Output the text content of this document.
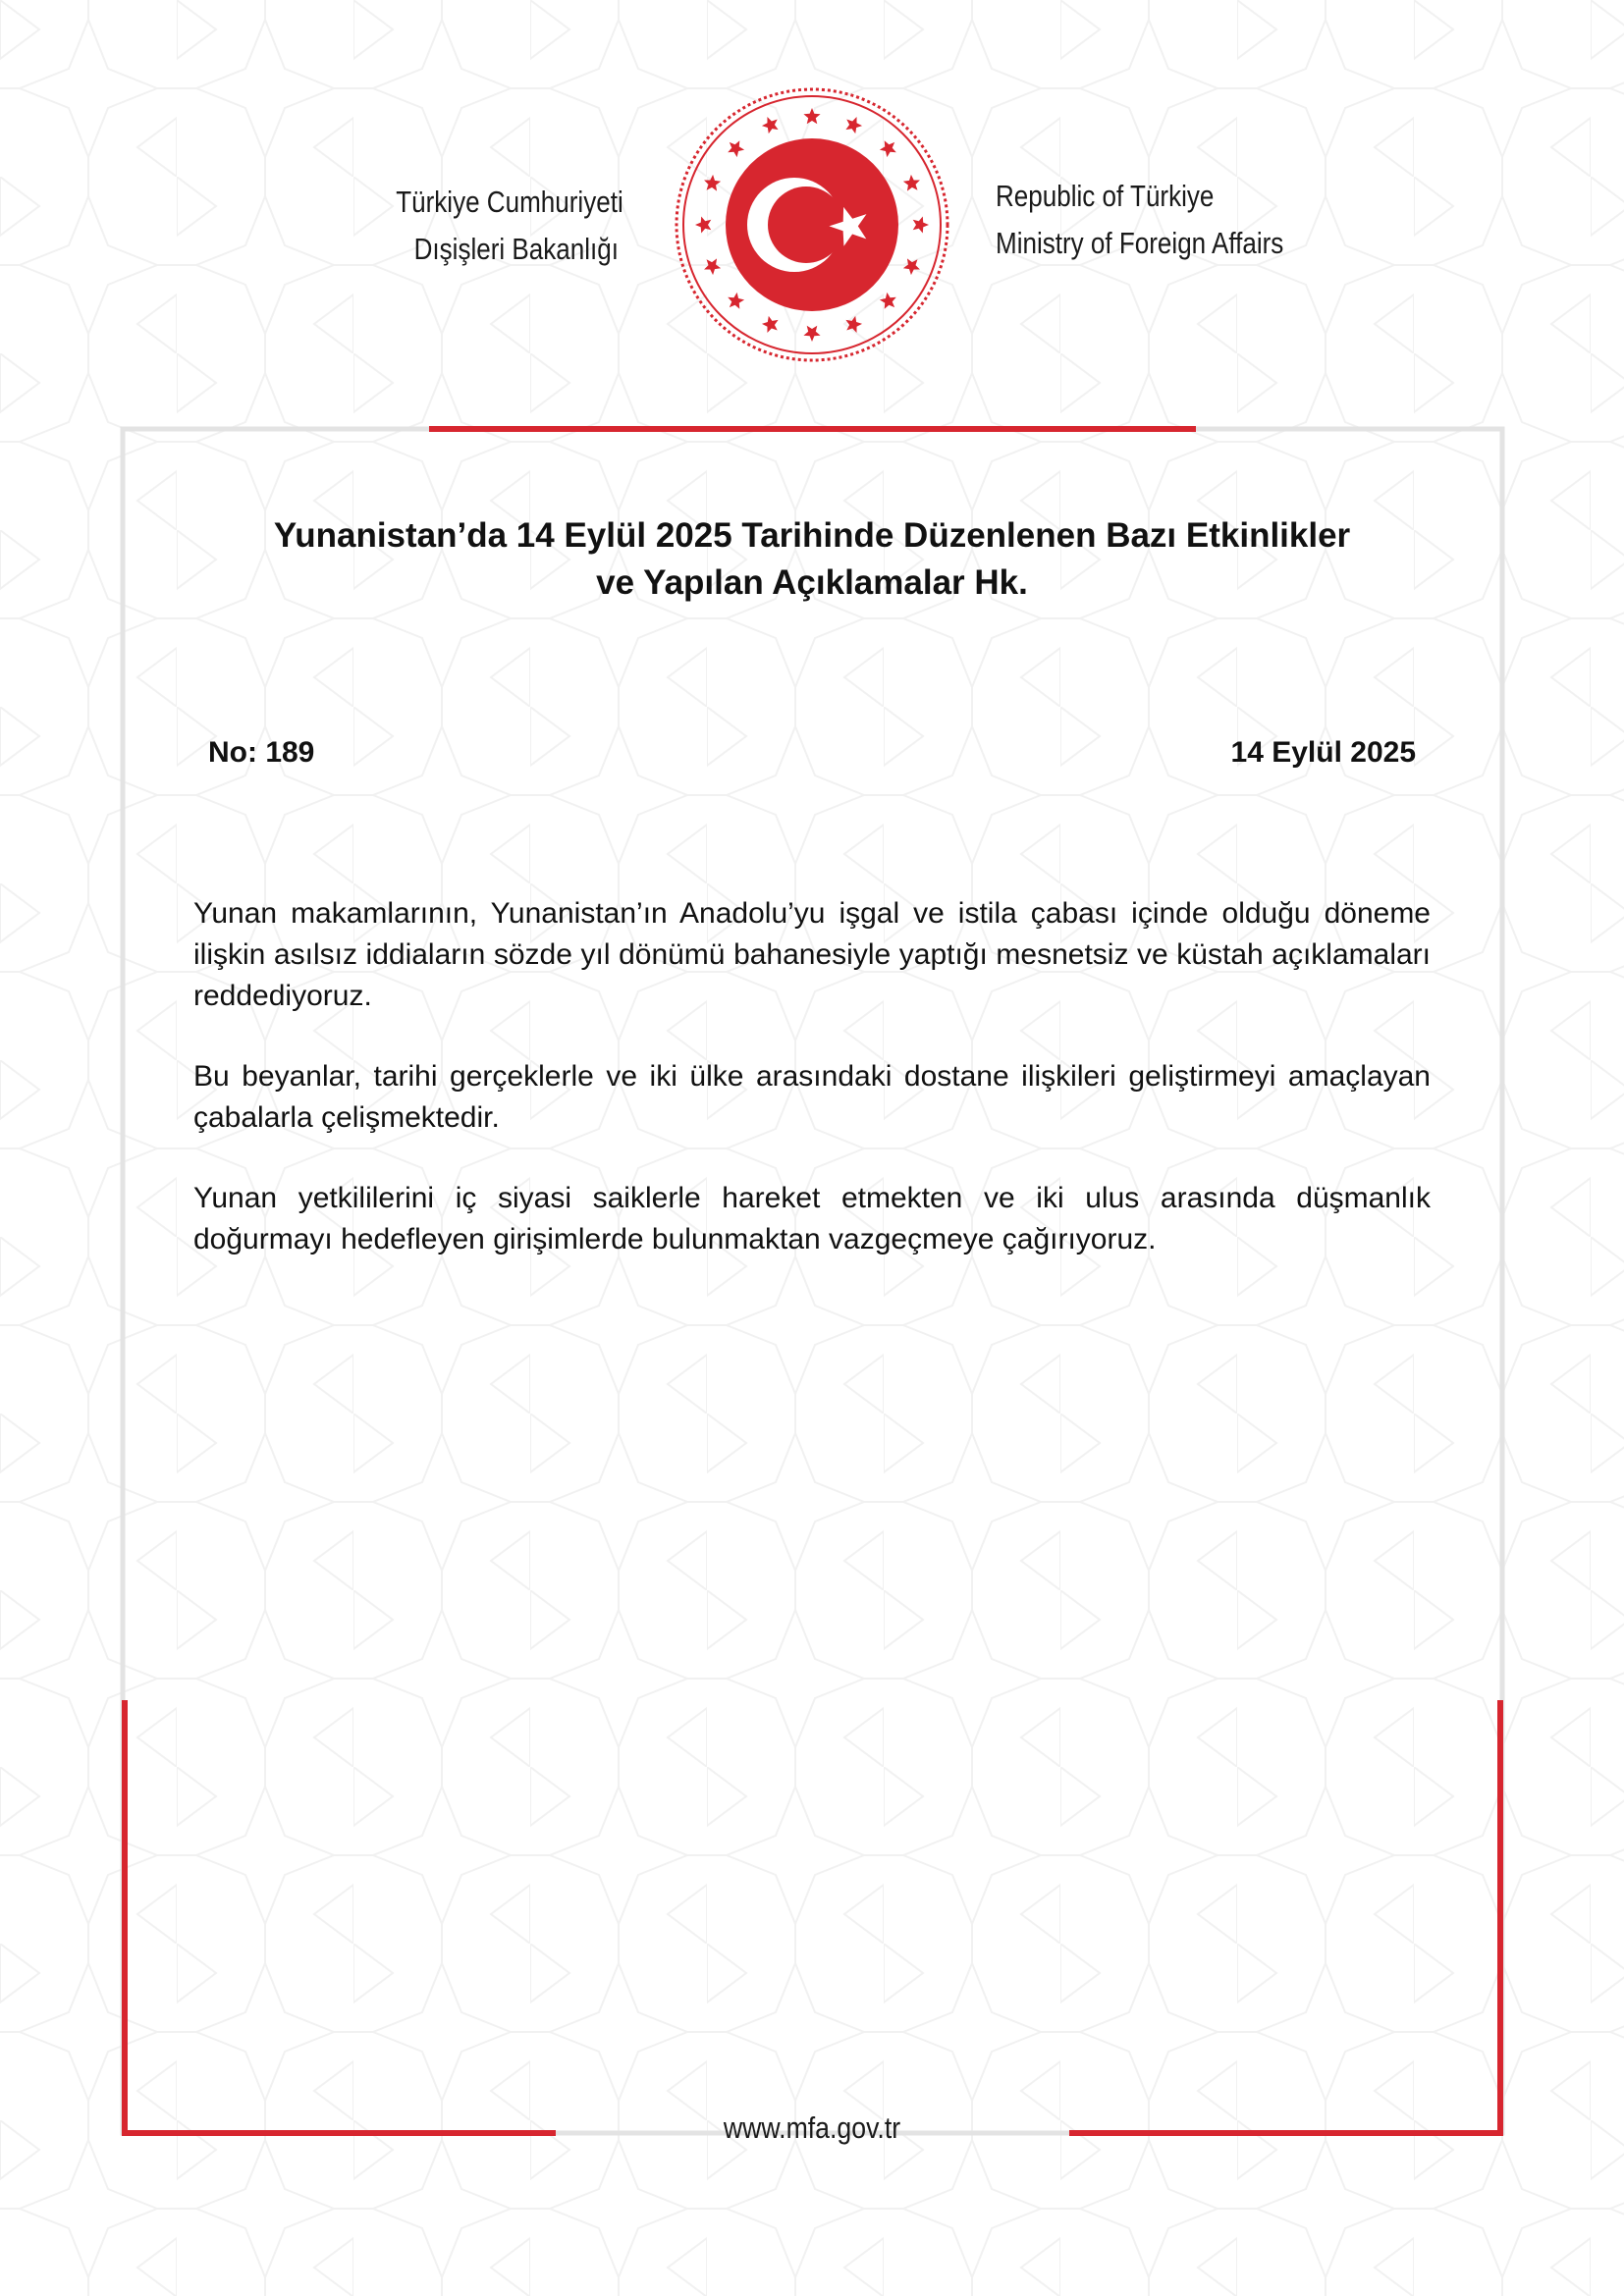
Türkiye Cumhuriyeti
Dışişleri Bakanlığı
Republic of Türkiye
Ministry of Foreign Affairs
Yunanistan’da 14 Eylül 2025 Tarihinde Düzenlenen Bazı Etkinlikler
ve Yapılan Açıklamalar Hk.
No: 189	14 Eylül 2025

Yunan makamlarının, Yunanistan’ın Anadolu’yu işgal ve istila çabası içinde olduğu döneme ilişkin asılsız iddiaların sözde yıl dönümü bahanesiyle yaptığı mesnetsiz ve küstah açıklamaları reddediyoruz.

Bu beyanlar, tarihi gerçeklerle ve iki ülke arasındaki dostane ilişkileri geliştirmeyi amaçlayan çabalarla çelişmektedir.

Yunan yetkililerini iç siyasi saiklerle hareket etmekten ve iki ulus arasında düşmanlık doğurmayı hedefleyen girişimlerde bulunmaktan vazgeçmeye çağırıyoruz.

www.mfa.gov.tr
